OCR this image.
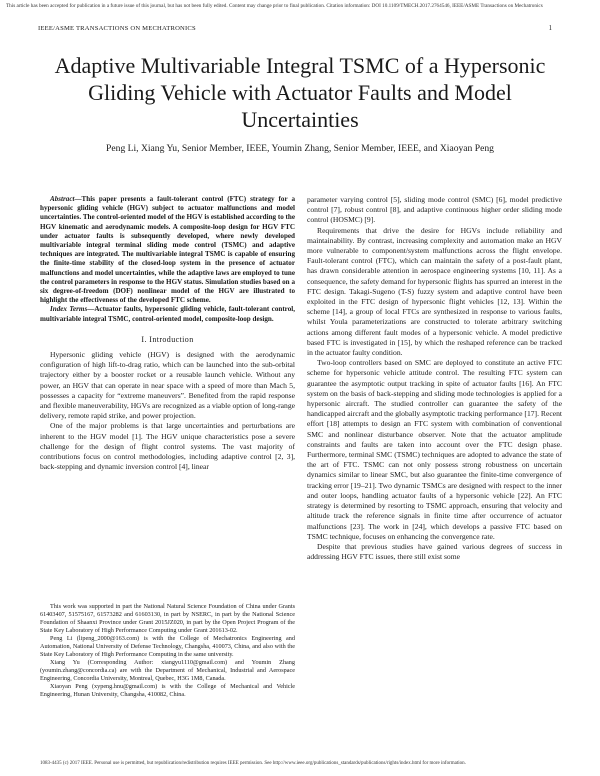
This article has been accepted for publication in a future issue of this journal, but has not been fully edited. Content may change prior to final publication. Citation information: DOI 10.1109/TMECH.2017.2764546, IEEE/ASME Transactions on Mechatronics
IEEE/ASME TRANSACTIONS ON MECHATRONICS	1
Adaptive Multivariable Integral TSMC of a Hypersonic Gliding Vehicle with Actuator Faults and Model Uncertainties
Peng Li, Xiang Yu, Senior Member, IEEE, Youmin Zhang, Senior Member, IEEE, and Xiaoyan Peng

Abstract—This paper presents a fault-tolerant control (FTC) strategy for a hypersonic gliding vehicle (HGV) subject to actuator malfunctions and model uncertainties. The control-oriented model of the HGV is established according to the HGV kinematic and aerodynamic models. A composite-loop design for HGV FTC under actuator faults is subsequently developed, where newly developed multivariable integral terminal sliding mode control (TSMC) and adaptive techniques are integrated. The multivariable integral TSMC is capable of ensuring the finite-time stability of the closed-loop system in the presence of actuator malfunctions and model uncertainties, while the adaptive laws are employed to tune the control parameters in response to the HGV status. Simulation studies based on a six degree-of-freedom (DOF) nonlinear model of the HGV are illustrated to highlight the effectiveness of the developed FTC scheme.

Index Terms—Actuator faults, hypersonic gliding vehicle, fault-tolerant control, multivariable integral TSMC, control-oriented model, composite-loop design.

I. Introduction

Hypersonic gliding vehicle (HGV) is designed with the aerodynamic configuration of high lift-to-drag ratio, which can be launched into the sub-orbital trajectory either by a booster rocket or a reusable launch vehicle. Without any power, an HGV that can operate in near space with a speed of more than Mach 5, possesses a capacity for “extreme maneuvers”. Benefited from the rapid response and flexible maneuverability, HGVs are recognized as a viable option of long-range delivery, remote rapid strike, and power projection.

One of the major problems is that large uncertainties and perturbations are inherent to the HGV model [1]. The HGV unique characteristics pose a severe challenge for the design of flight control systems. The vast majority of contributions focus on control methodologies, including adaptive control [2, 3], back-stepping and dynamic inversion control [4], linear

This work was supported in part the National Natural Science Foundation of China under Grants 61403407, 51575167, 61573282 and 61603130, in part by NSERC, in part by the National Science Foundation of Shaanxi Province under Grant 2015JZ020, in part by the Open Project Program of the State Key Laboratory of High Performance Computing under Grant 201613-02.

Peng Li (lipeng_2000@163.com) is with the College of Mechatronics Engineering and Automation, National University of Defense Technology, Changsha, 410073, China, and also with the State Key Laboratory of High Performance Computing in the same university.

Xiang Yu (Corresponding Author: xiangyu1110@gmail.com) and Youmin Zhang (youmin.zhang@concordia.ca) are with the Department of Mechanical, Industrial and Aerospace Engineering, Concordia University, Montreal, Quebec, H3G 1M8, Canada.

Xiaoyan Peng (xypeng.hnu@gmail.com) is with the College of Mechanical and Vehicle Engineering, Hunan University, Changsha, 410082, China.

parameter varying control [5], sliding mode control (SMC) [6], model predictive control [7], robust control [8], and adaptive continuous higher order sliding mode control (HOSMC) [9].

Requirements that drive the desire for HGVs include reliability and maintainability. By contrast, increasing complexity and automation make an HGV more vulnerable to component/system malfunctions across the flight envelope. Fault-tolerant control (FTC), which can maintain the safety of a post-fault plant, has drawn considerable attention in aerospace engineering systems [10, 11]. As a consequence, the safety demand for hypersonic flights has spurred an interest in the FTC design. Takagi-Sugeno (T-S) fuzzy system and adaptive control have been exploited in the FTC design of hypersonic flight vehicles [12, 13]. Within the scheme [14], a group of local FTCs are synthesized in response to various faults, whilst Youla parameterizations are constructed to tolerate arbitrary switching actions among different fault modes of a hypersonic vehicle. A model predictive based FTC is investigated in [15], by which the reshaped reference can be tracked in the actuator faulty condition.

Two-loop controllers based on SMC are deployed to constitute an active FTC scheme for hypersonic vehicle attitude control. The resulting FTC system can guarantee the asymptotic output tracking in spite of actuator faults [16]. An FTC system on the basis of back-stepping and sliding mode technologies is applied for a hypersonic aircraft. The studied controller can guarantee the safety of the handicapped aircraft and the globally asymptotic tracking performance [17]. Recent effort [18] attempts to design an FTC system with combination of conventional SMC and nonlinear disturbance observer. Note that the actuator amplitude constraints and faults are taken into account over the FTC design phase. Furthermore, terminal SMC (TSMC) techniques are adopted to advance the state of the art of FTC. TSMC can not only possess strong robustness on uncertain dynamics similar to linear SMC, but also guarantee the finite-time convergence of tracking error [19–21]. Two dynamic TSMCs are designed with respect to the inner and outer loops, handling actuator faults of a hypersonic vehicle [22]. An FTC strategy is determined by resorting to TSMC approach, ensuring that velocity and altitude track the reference signals in finite time after occurrence of actuator malfunctions [23]. The work in [24], which develops a passive FTC based on TSMC technique, focuses on enhancing the convergence rate.

Despite that previous studies have gained various degrees of success in addressing HGV FTC issues, there still exist some

1083-4435 (c) 2017 IEEE. Personal use is permitted, but republication/redistribution requires IEEE permission. See http://www.ieee.org/publications_standards/publications/rights/index.html for more information.
